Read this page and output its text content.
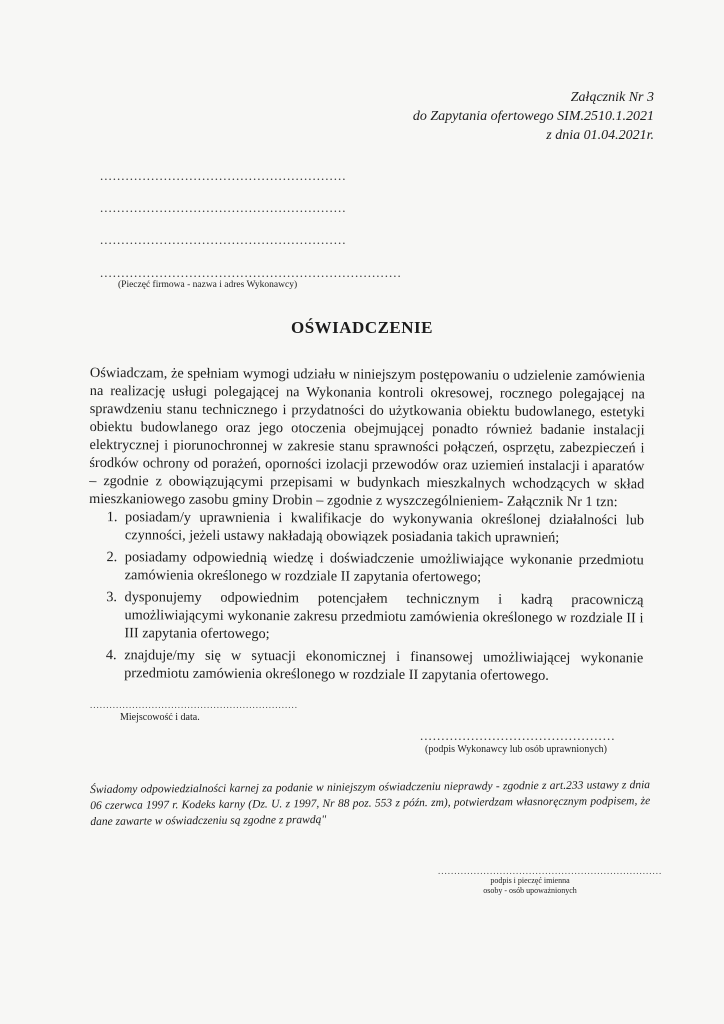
Załącznik Nr 3
do Zapytania ofertowego SIM.2510.1.2021
z dnia 01.04.2021r.
..........................................................
..........................................................
..........................................................
.......................................................................
(Pieczęć firmowa - nazwa i adres Wykonawcy)
OŚWIADCZENIE

Oświadczam, że spełniam wymogi udziału w niniejszym postępowaniu o udzielenie zamówienia na realizację usługi polegającej na Wykonania kontroli okresowej, rocznego polegającej na sprawdzeniu stanu technicznego i przydatności do użytkowania obiektu budowlanego, estetyki obiektu budowlanego oraz jego otoczenia obejmującej ponadto również badanie instalacji elektrycznej i piorunochronnej w zakresie stanu sprawności połączeń, osprzętu, zabezpieczeń i środków ochrony od porażeń, oporności izolacji przewodów oraz uziemień instalacji i aparatów – zgodnie z obowiązującymi przepisami w budynkach mieszkalnych wchodzących w skład mieszkaniowego zasobu gminy Drobin – zgodnie z wyszczególnieniem- Załącznik Nr 1 tzn:

1. posiadam/y uprawnienia i kwalifikacje do wykonywania określonej działalności lub czynności, jeżeli ustawy nakładają obowiązek posiadania takich uprawnień;
2. posiadamy odpowiednią wiedzę i doświadczenie umożliwiające wykonanie przedmiotu zamówienia określonego w rozdziale II zapytania ofertowego;
3. dysponujemy odpowiednim potencjałem technicznym i kadrą pracowniczą umożliwiającymi wykonanie zakresu przedmiotu zamówienia określonego w rozdziale II i III zapytania ofertowego;
4. znajduje/my się w sytuacji ekonomicznej i finansowej umożliwiającej wykonanie przedmiotu zamówienia określonego w rozdziale II zapytania ofertowego.
................................................................
Miejscowość i data.
..............................................
(podpis Wykonawcy lub osób uprawnionych)
Świadomy odpowiedzialności karnej za podanie w niniejszym oświadczeniu nieprawdy - zgodnie z art.233 ustawy z dnia 06 czerwca 1997 r. Kodeks karny (Dz. U. z 1997, Nr 88 poz. 553 z późn. zm), potwierdzam własnoręcznym podpisem, że dane zawarte w oświadczeniu są zgodne z prawdą"
.....................................................................
podpis i pieczęć imienna
osoby - osób upoważnionych
